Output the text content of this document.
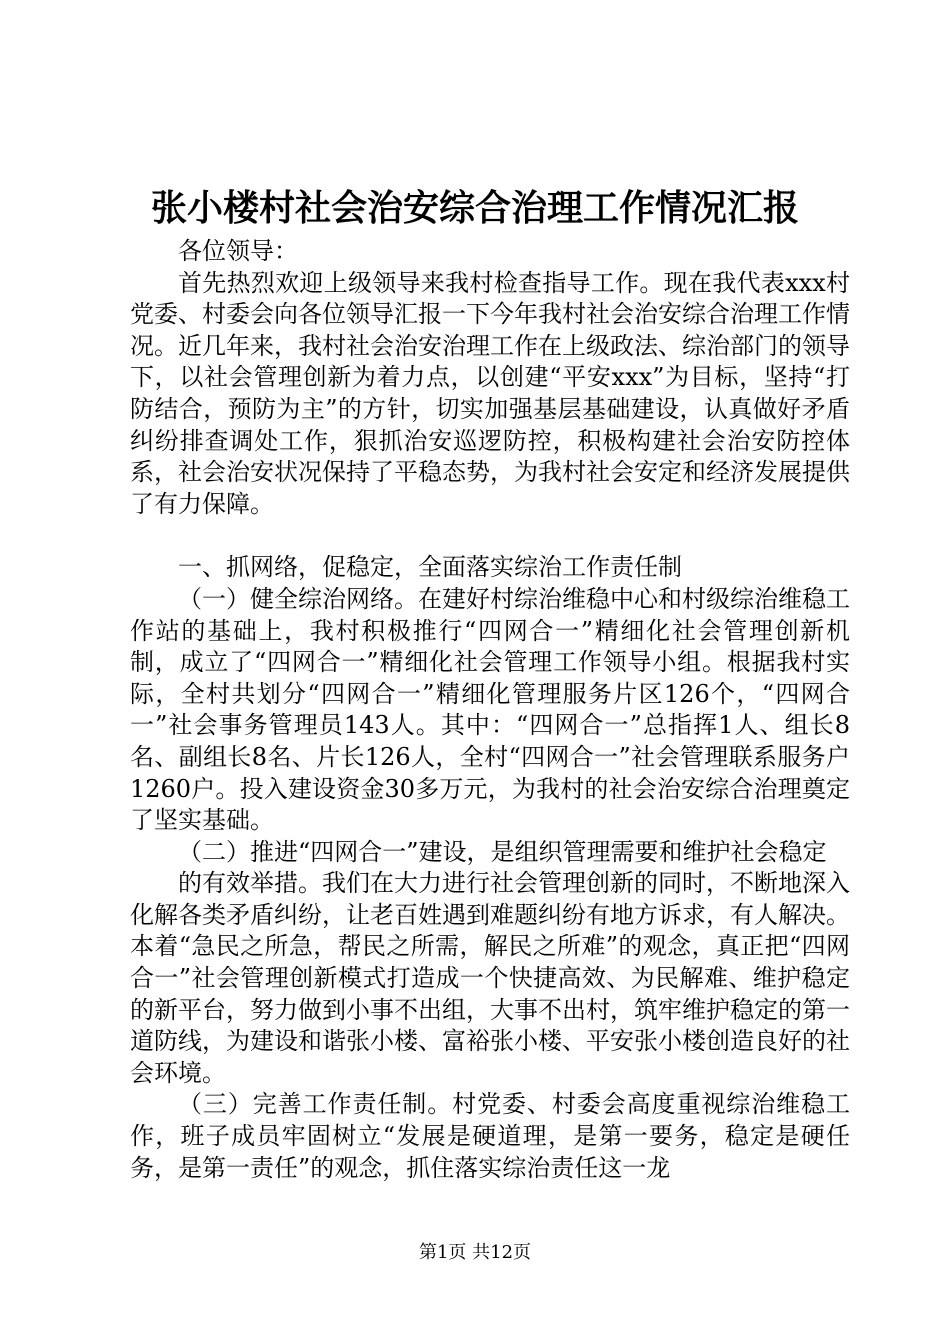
张小楼村社会治安综合治理工作情况汇报

各位领导：

首先热烈欢迎上级领导来我村检查指导工作。现在我代表xxx村党委、村委会向各位领导汇报一下今年我村社会治安综合治理工作情况。近几年来，我村社会治安治理工作在上级政法、综治部门的领导下，以社会管理创新为着力点，以创建“平安xxx”为目标，坚持“打防结合，预防为主”的方针，切实加强基层基础建设，认真做好矛盾纠纷排查调处工作，狠抓治安巡逻防控，积极构建社会治安防控体系，社会治安状况保持了平稳态势，为我村社会安定和经济发展提供了有力保障。

一、抓网络，促稳定，全面落实综治工作责任制

（一）健全综治网络。在建好村综治维稳中心和村级综治维稳工作站的基础上，我村积极推行“四网合一”精细化社会管理创新机制，成立了“四网合一”精细化社会管理工作领导小组。根据我村实际，全村共划分“四网合一”精细化管理服务片区126个，“四网合一”社会事务管理员143人。其中：“四网合一”总指挥1人、组长8名、副组长8名、片长126人，全村“四网合一”社会管理联系服务户1260户。投入建设资金30多万元，为我村的社会治安综合治理奠定了坚实基础。

（二）推进“四网合一”建设，是组织管理需要和维护社会稳定

的有效举措。我们在大力进行社会管理创新的同时，不断地深入化解各类矛盾纠纷，让老百姓遇到难题纠纷有地方诉求，有人解决。本着“急民之所急，帮民之所需，解民之所难”的观念，真正把“四网合一”社会管理创新模式打造成一个快捷高效、为民解难、维护稳定的新平台，努力做到小事不出组，大事不出村，筑牢维护稳定的第一道防线，为建设和谐张小楼、富裕张小楼、平安张小楼创造良好的社会环境。

（三）完善工作责任制。村党委、村委会高度重视综治维稳工作，班子成员牢固树立“发展是硬道理，是第一要务，稳定是硬任务，是第一责任”的观念，抓住落实综治责任这一龙

第1页 共12页
